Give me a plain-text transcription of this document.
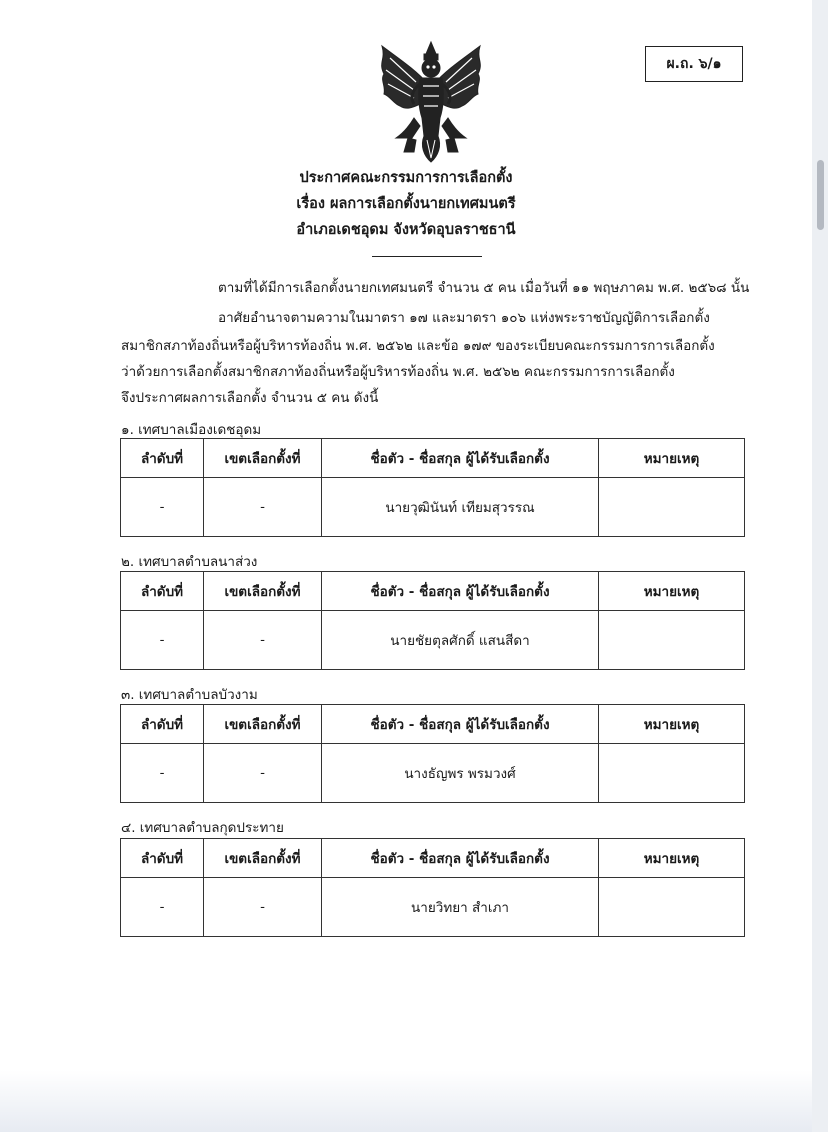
ผ.ถ. ๖/๑
ประกาศคณะกรรมการการเลือกตั้ง
เรื่อง ผลการเลือกตั้งนายกเทศมนตรี
อำเภอเดชอุดม จังหวัดอุบลราชธานี
ตามที่ได้มีการเลือกตั้งนายกเทศมนตรี จำนวน ๕ คน เมื่อวันที่ ๑๑ พฤษภาคม พ.ศ. ๒๕๖๘ นั้น
อาศัยอำนาจตามความในมาตรา ๑๗ และมาตรา ๑๐๖ แห่งพระราชบัญญัติการเลือกตั้ง
สมาชิกสภาท้องถิ่นหรือผู้บริหารท้องถิ่น พ.ศ. ๒๕๖๒ และข้อ ๑๗๙ ของระเบียบคณะกรรมการการเลือกตั้ง
ว่าด้วยการเลือกตั้งสมาชิกสภาท้องถิ่นหรือผู้บริหารท้องถิ่น พ.ศ. ๒๕๖๒ คณะกรรมการการเลือกตั้ง
จึงประกาศผลการเลือกตั้ง จำนวน ๕ คน ดังนี้
๑. เทศบาลเมืองเดชอุดม
ลำดับที่	เขตเลือกตั้งที่	ชื่อตัว - ชื่อสกุล ผู้ได้รับเลือกตั้ง	หมายเหตุ
-	-	นายวุฒินันท์ เทียมสุวรรณ	
๒. เทศบาลตำบลนาส่วง
ลำดับที่	เขตเลือกตั้งที่	ชื่อตัว - ชื่อสกุล ผู้ได้รับเลือกตั้ง	หมายเหตุ
-	-	นายชัยตุลศักดิ์ แสนสีดา	
๓. เทศบาลตำบลบัวงาม
ลำดับที่	เขตเลือกตั้งที่	ชื่อตัว - ชื่อสกุล ผู้ได้รับเลือกตั้ง	หมายเหตุ
-	-	นางธัญพร พรมวงศ์	
๔. เทศบาลตำบลกุดประทาย
ลำดับที่	เขตเลือกตั้งที่	ชื่อตัว - ชื่อสกุล ผู้ได้รับเลือกตั้ง	หมายเหตุ
-	-	นายวิทยา สำเภา	
